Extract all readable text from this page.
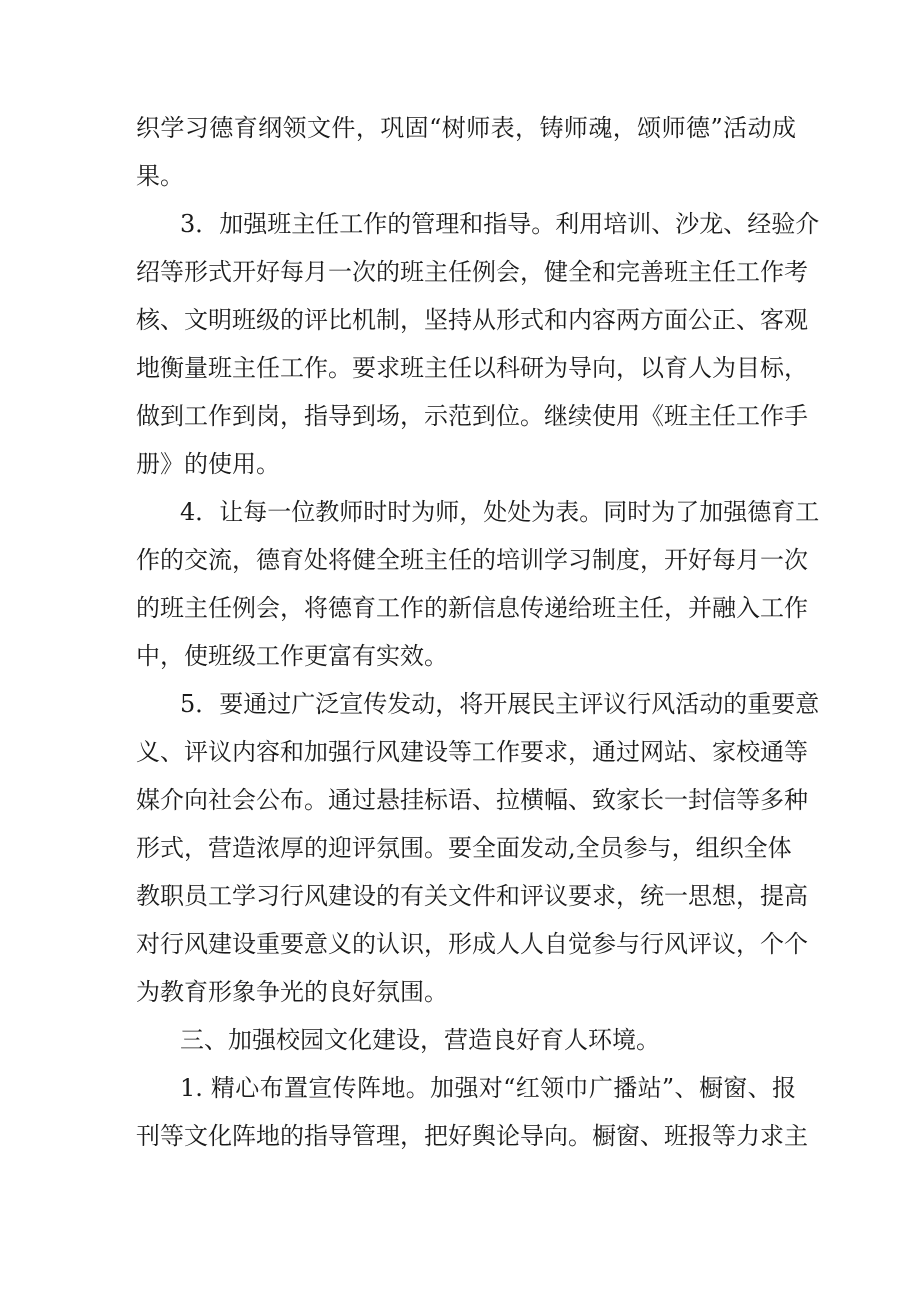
织学习德育纲领文件，巩固“树师表，铸师魂，颂师德”活动成
果。
3．加强班主任工作的管理和指导。利用培训、沙龙、经验介
绍等形式开好每月一次的班主任例会，健全和完善班主任工作考
核、文明班级的评比机制，坚持从形式和内容两方面公正、客观
地衡量班主任工作。要求班主任以科研为导向，以育人为目标，
做到工作到岗，指导到场，示范到位。继续使用《班主任工作手
册》的使用。
4．让每一位教师时时为师，处处为表。同时为了加强德育工
作的交流，德育处将健全班主任的培训学习制度，开好每月一次
的班主任例会，将德育工作的新信息传递给班主任，并融入工作
中，使班级工作更富有实效。
5．要通过广泛宣传发动，将开展民主评议行风活动的重要意
义、评议内容和加强行风建设等工作要求，通过网站、家校通等
媒介向社会公布。通过悬挂标语、拉横幅、致家长一封信等多种
形式，营造浓厚的迎评氛围。要全面发动,全员参与，组织全体
教职员工学习行风建设的有关文件和评议要求，统一思想，提高
对行风建设重要意义的认识，形成人人自觉参与行风评议，个个
为教育形象争光的良好氛围。
三、加强校园文化建设，营造良好育人环境。
1. 精心布置宣传阵地。加强对“红领巾广播站”、橱窗、报
刊等文化阵地的指导管理，把好舆论导向。橱窗、班报等力求主
